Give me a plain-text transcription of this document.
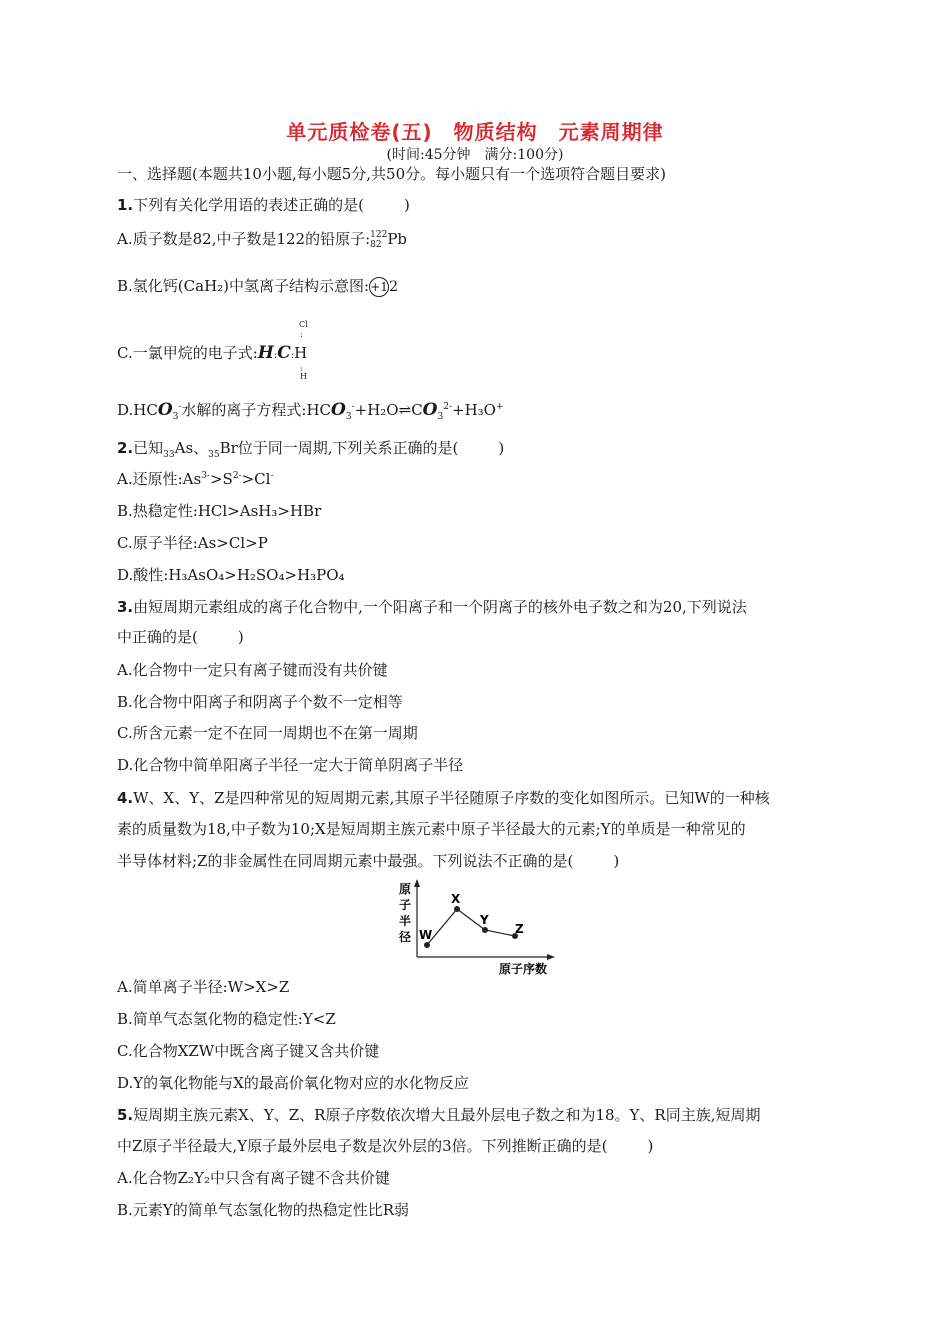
单元质检卷(五)　物质结构　元素周期律
(时间:45分钟　满分:100分)
一、选择题(本题共10小题,每小题5分,共50分。每小题只有一个选项符合题目要求)
1.下列有关化学用语的表述正确的是(	)
A.质子数是82,中子数是122的铅原子: 122
82 Pb
B.氢化钙(CaH₂)中氢离子结构示意图:+12
Cl
:
:
H
C.一氯甲烷的电子式$:H_:C_:H$
$D.HCO_3^-$水解的离子方程式$:HCO_3^-+H_2O\rightleftharpoons CO_3^{2-}+H_3O^+$
2.已知$_{33}$As、$_{35}$Br位于同一周期,下列关系正确的是(	)
A.还原性$:As^{3-}>S^{2-}>Cl^-$
B.热稳定性:HCl>AsH₃>HBr
C.原子半径:As>Cl>P
D.酸性:H₃AsO₄>H₂SO₄>H₃PO₄
3.由短周期元素组成的离子化合物中,一个阳离子和一个阴离子的核外电子数之和为20,下列说法
中正确的是(	)
A.化合物中一定只有离子键而没有共价键
B.化合物中阳离子和阴离子个数不一定相等
C.所含元素一定不在同一周期也不在第一周期
D.化合物中简单阳离子半径一定大于简单阴离子半径
4.W、X、Y、Z是四种常见的短周期元素,其原子半径随原子序数的变化如图所示。已知W的一种核
素的质量数为18,中子数为10;X是短周期主族元素中原子半径最大的元素;Y的单质是一种常见的
半导体材料;Z的非金属性在同周期元素中最强。下列说法不正确的是(	)
原
子
半
径 W
X
Y
Z
原子序数
A.简单离子半径:W>X>Z
B.简单气态氢化物的稳定性:Y<Z
C.化合物XZW中既含离子键又含共价键
D.Y的氧化物能与X的最高价氧化物对应的水化物反应
5.短周期主族元素X、Y、Z、R原子序数依次增大且最外层电子数之和为18。Y、R同主族,短周期
中Z原子半径最大,Y原子最外层电子数是次外层的3倍。下列推断正确的是(	)
A.化合物Z₂Y₂中只含有离子键不含共价键
B.元素Y的简单气态氢化物的热稳定性比R弱
